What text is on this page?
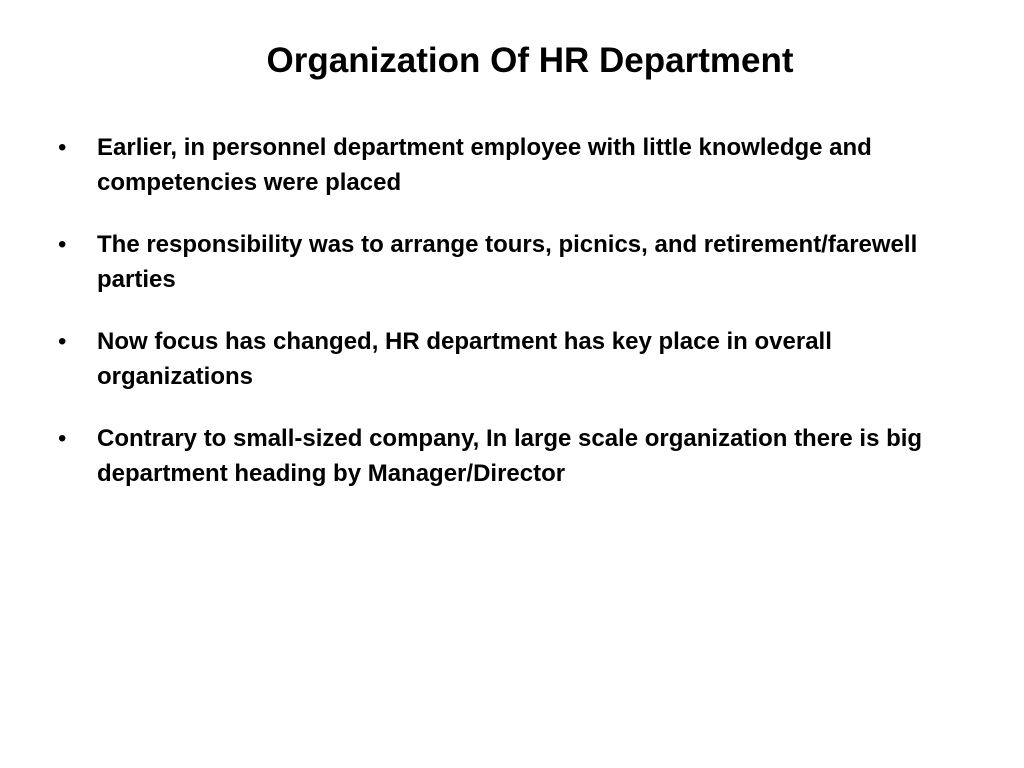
Organization Of HR Department
•	Earlier, in personnel department employee with little knowledge and competencies were placed
•	The responsibility was to arrange tours, picnics, and retirement/farewell parties
•	Now focus has changed, HR department has key place in overall organizations
•	Contrary to small-sized company, In large scale organization there is big department heading by Manager/Director
